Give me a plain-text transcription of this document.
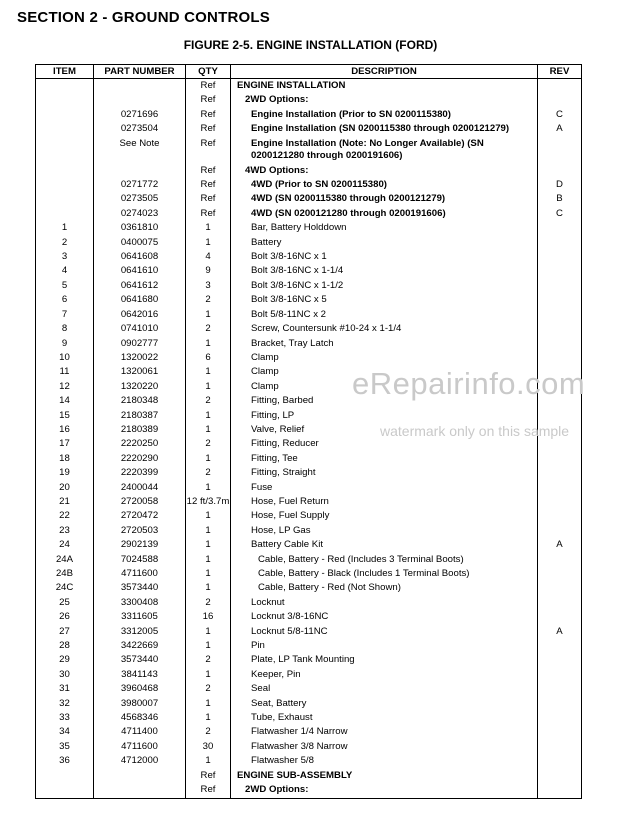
SECTION 2 - GROUND CONTROLS
FIGURE 2-5. ENGINE INSTALLATION (FORD)
ITEM	PART NUMBER	QTY	DESCRIPTION	REV
		Ref	ENGINE INSTALLATION	
		Ref	2WD Options:	
	0271696	Ref	Engine Installation (Prior to SN 0200115380)	C
	0273504	Ref	Engine Installation (SN 0200115380 through 0200121279)	A
	See Note	Ref	Engine Installation (Note: No Longer Available) (SN 0200121280 through 0200191606)	
		Ref	4WD Options:	
	0271772	Ref	4WD (Prior to SN 0200115380)	D
	0273505	Ref	4WD (SN 0200115380 through 0200121279)	B
	0274023	Ref	4WD (SN 0200121280 through 0200191606)	C
1	0361810	1	Bar, Battery Holddown	
2	0400075	1	Battery	
3	0641608	4	Bolt 3/8-16NC x 1	
4	0641610	9	Bolt 3/8-16NC x 1-1/4	
5	0641612	3	Bolt 3/8-16NC x 1-1/2	
6	0641680	2	Bolt 3/8-16NC x 5	
7	0642016	1	Bolt 5/8-11NC x 2	
8	0741010	2	Screw, Countersunk #10-24 x 1-1/4	
9	0902777	1	Bracket, Tray Latch	
10	1320022	6	Clamp	
11	1320061	1	Clamp	
12	1320220	1	Clamp	
14	2180348	2	Fitting, Barbed	
15	2180387	1	Fitting, LP	
16	2180389	1	Valve, Relief	
17	2220250	2	Fitting, Reducer	
18	2220290	1	Fitting, Tee	
19	2220399	2	Fitting, Straight	
20	2400044	1	Fuse	
21	2720058	12 ft/3.7m	Hose, Fuel Return	
22	2720472	1	Hose, Fuel Supply	
23	2720503	1	Hose, LP Gas	
24	2902139	1	Battery Cable Kit	A
24A	7024588	1	Cable, Battery - Red (Includes 3 Terminal Boots)	
24B	4711600	1	Cable, Battery - Black (Includes 1 Terminal Boots)	
24C	3573440	1	Cable, Battery - Red (Not Shown)	
25	3300408	2	Locknut	
26	3311605	16	Locknut 3/8-16NC	
27	3312005	1	Locknut 5/8-11NC	A
28	3422669	1	Pin	
29	3573440	2	Plate, LP Tank Mounting	
30	3841143	1	Keeper, Pin	
31	3960468	2	Seal	
32	3980007	1	Seat, Battery	
33	4568346	1	Tube, Exhaust	
34	4711400	2	Flatwasher 1/4 Narrow	
35	4711600	30	Flatwasher 3/8 Narrow	
36	4712000	1	Flatwasher 5/8	
		Ref	ENGINE SUB-ASSEMBLY	
		Ref	2WD Options:	
eRepairinfo.com
watermark only on this sample
